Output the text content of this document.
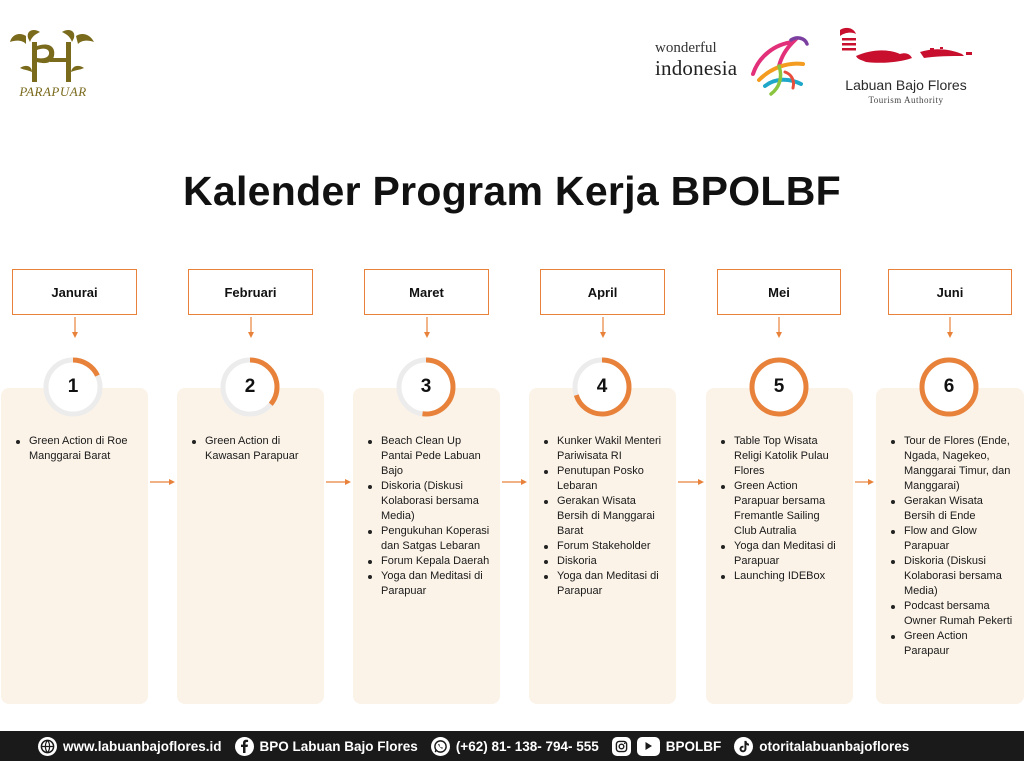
PARAPUAR
wonderful
indonesia
Labuan Bajo Flores
Tourism Authority
Kalender Program Kerja BPOLBF
Janurai
Green Action di Roe Manggarai Barat
1
Februari
Green Action di Kawasan Parapuar
2
Maret
Beach Clean Up Pantai Pede Labuan Bajo
Diskoria (Diskusi Kolaborasi bersama Media)
Pengukuhan Koperasi dan Satgas Lebaran
Forum Kepala Daerah
Yoga dan Meditasi di Parapuar
3
April
Kunker Wakil Menteri Pariwisata RI
Penutupan Posko Lebaran
Gerakan Wisata Bersih di Manggarai Barat
Forum Stakeholder
Diskoria
Yoga dan Meditasi di Parapuar
4
Mei
Table Top Wisata Religi Katolik Pulau Flores
Green Action Parapuar bersama Fremantle Sailing Club Autralia
Yoga dan Meditasi di Parapuar
Launching IDEBox
5
Juni
Tour de Flores (Ende, Ngada, Nagekeo, Manggarai Timur, dan Manggarai)
Gerakan Wisata Bersih di Ende
Flow and Glow Parapuar
Diskoria (Diskusi Kolaborasi bersama Media)
Podcast bersama Owner Rumah Pekerti
Green Action Parapaur
6
www.labuanbajoflores.id	BPO Labuan Bajo Flores	(+62) 81- 138- 794- 555	BPOLBF	otoritalabuanbajoflores
